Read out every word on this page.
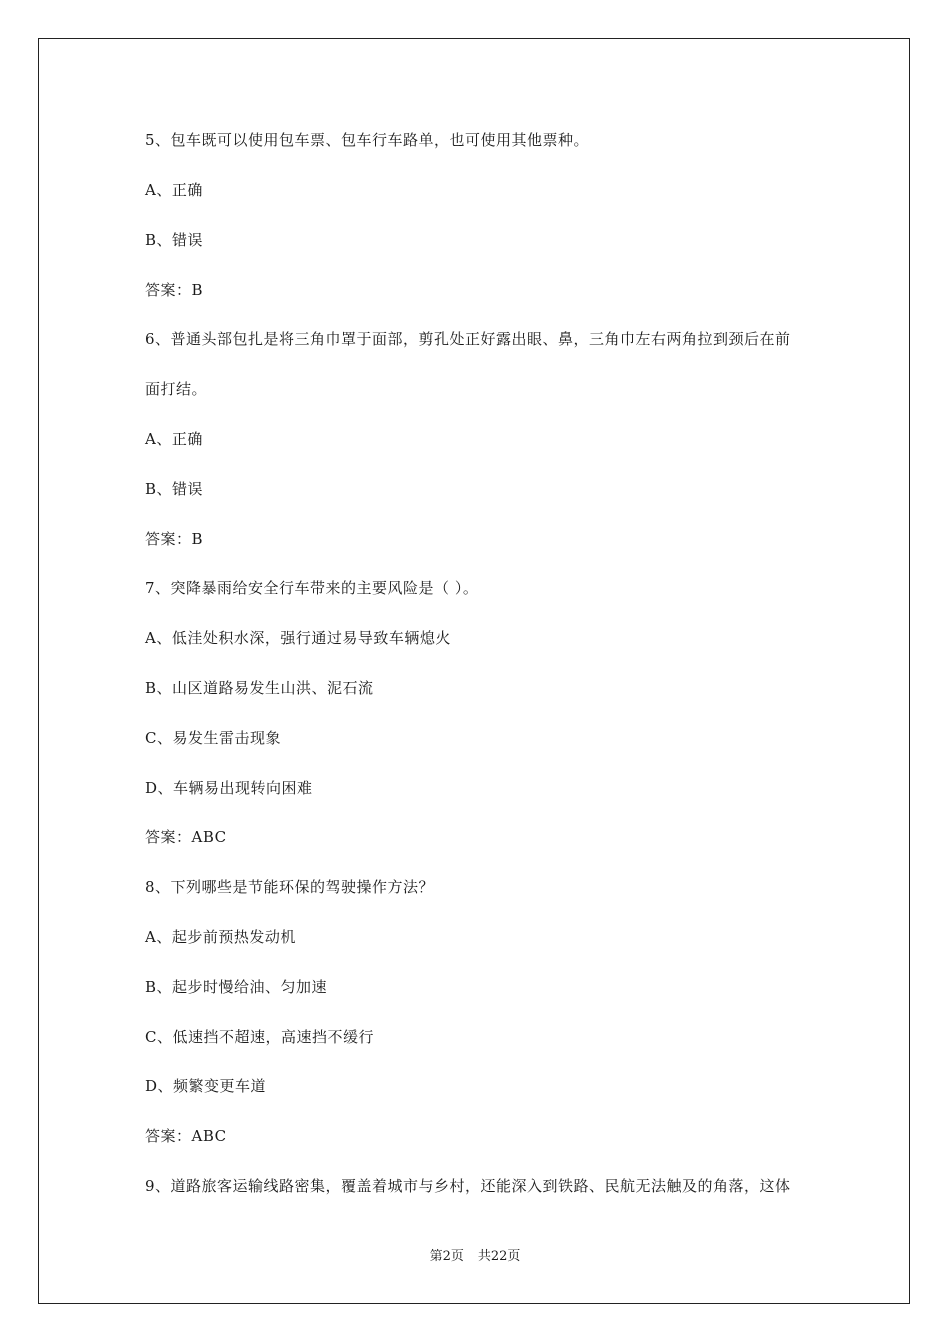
5、包车既可以使用包车票、包车行车路单，也可使用其他票种。
A、正确
B、错误
答案：B
6、普通头部包扎是将三角巾罩于面部，剪孔处正好露出眼、鼻，三角巾左右两角拉到颈后在前
面打结。
A、正确
B、错误
答案：B
7、突降暴雨给安全行车带来的主要风险是（ ）。
A、低洼处积水深，强行通过易导致车辆熄火
B、山区道路易发生山洪、泥石流
C、易发生雷击现象
D、车辆易出现转向困难
答案：ABC
8、下列哪些是节能环保的驾驶操作方法？
A、起步前预热发动机
B、起步时慢给油、匀加速
C、低速挡不超速，高速挡不缓行
D、频繁变更车道
答案：ABC
9、道路旅客运输线路密集，覆盖着城市与乡村，还能深入到铁路、民航无法触及的角落，这体
第2页 共22页
